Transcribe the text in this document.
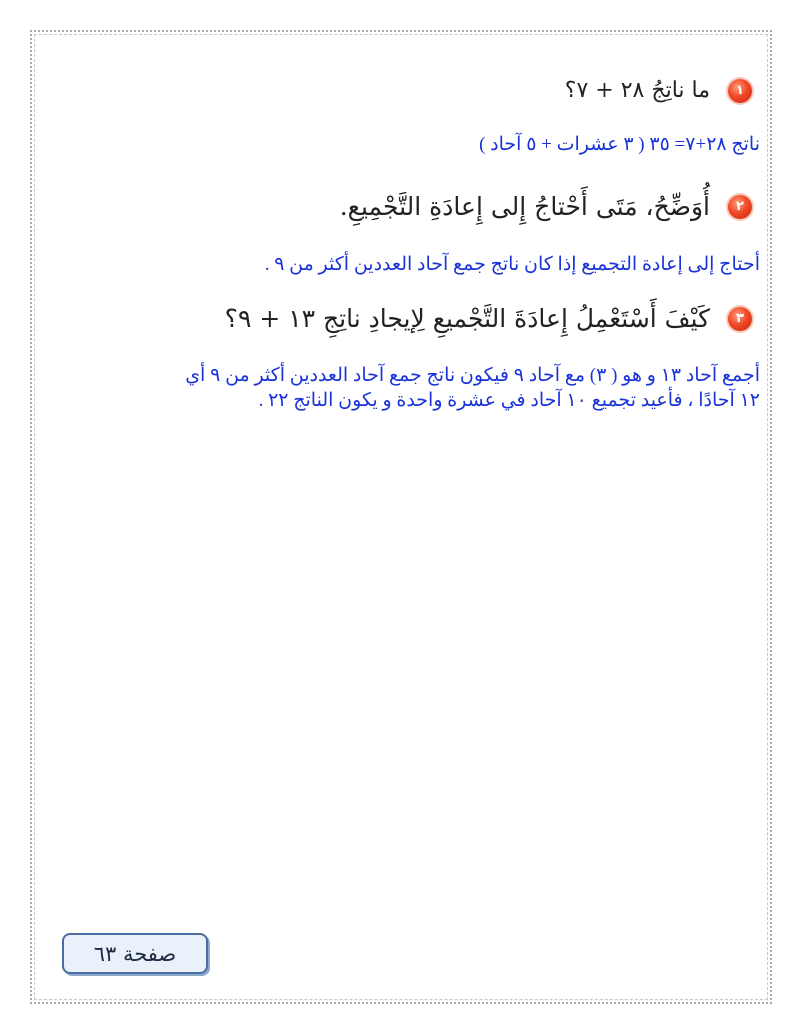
١
ما ناتِجُ ٢٨ + ٧؟
ناتج ٢٨+٧= ٣٥ ( ٣ عشرات + ٥ آحاد )
٢
أُوَضِّحُ، مَتَى أَحْتاجُ إِلى إِعادَةِ التَّجْمِيعِ.
أحتاج إلى إعادة التجميع إذا كان ناتج جمع آحاد العددين أكثر من ٩ .
٣
كَيْفَ أَسْتَعْمِلُ إِعادَةَ التَّجْميعِ لِإيجادِ ناتِجِ ١٣ + ٩؟
أجمع آحاد ١٣ و هو ( ٣) مع آحاد ٩ فيكون ناتج جمع آحاد العددين أكثر من ٩ أي
١٢ آحادًا ، فأعيد تجميع ١٠ آحاد في عشرة واحدة و يكون الناتج ٢٢ .
صفحة ٦٣
